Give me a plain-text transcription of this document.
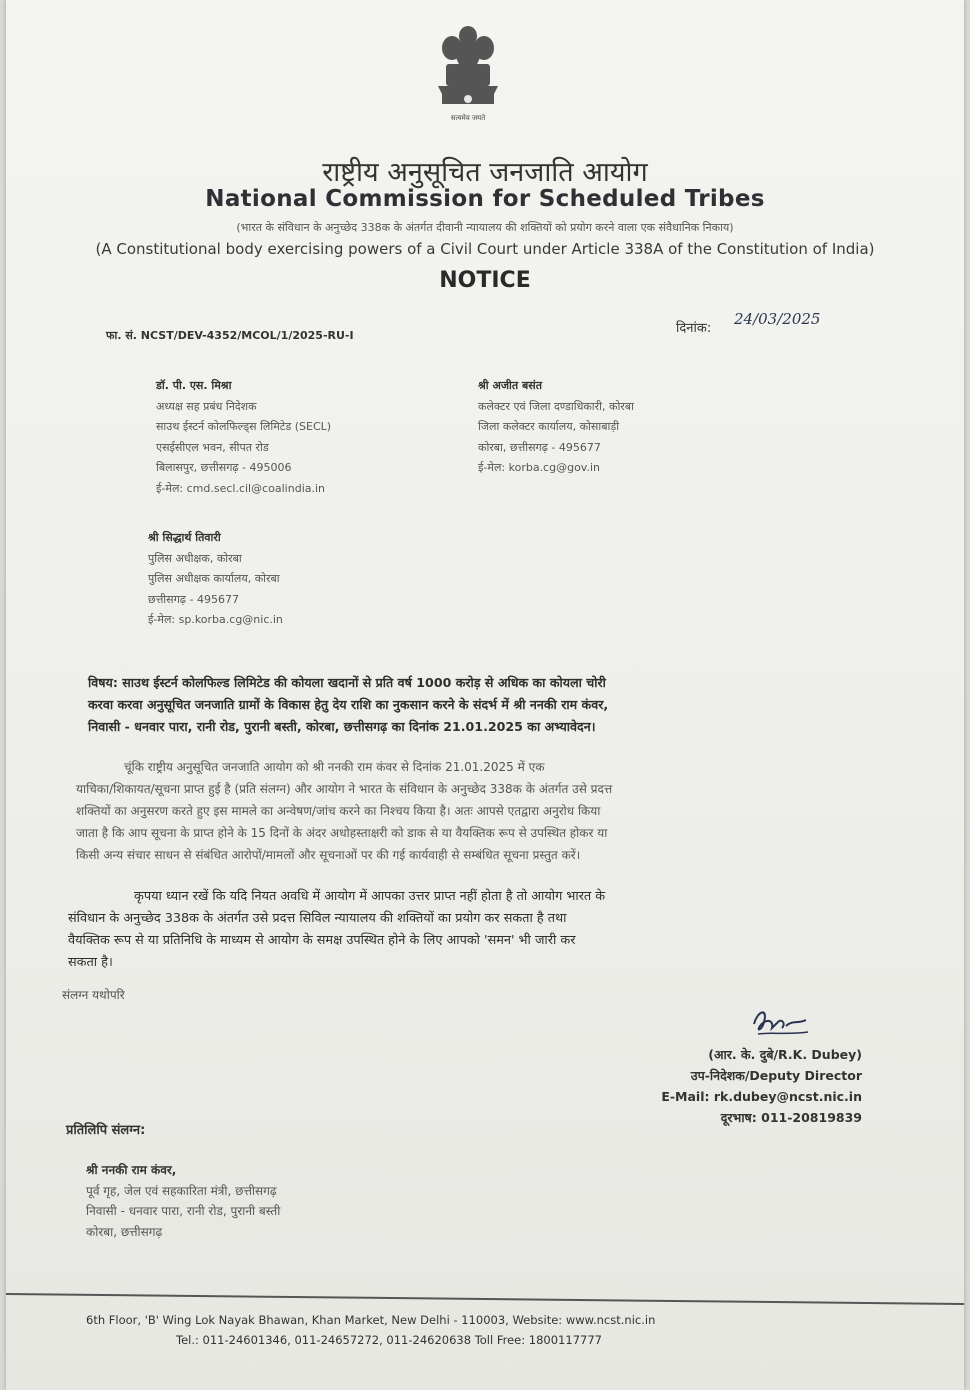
सत्यमेव जयते
राष्ट्रीय अनुसूचित जनजाति आयोग
National Commission for Scheduled Tribes
(भारत के संविधान के अनुच्छेद 338क के अंतर्गत दीवानी न्यायालय की शक्तियों को प्रयोग करने वाला एक संवैधानिक निकाय)
(A Constitutional body exercising powers of a Civil Court under Article 338A of the Constitution of India)
NOTICE
फा. सं. NCST/DEV-4352/MCOL/1/2025-RU-I	दिनांक:
24/03/2025
डॉ. पी. एस. मिश्रा
अध्यक्ष सह प्रबंध निदेशक
साउथ ईस्टर्न कोलफिल्ड्स लिमिटेड (SECL)
एसईसीएल भवन, सीपत रोड
बिलासपुर, छत्तीसगढ़ - 495006
ई-मेल: cmd.secl.cil@coalindia.in
श्री अजीत बसंत
कलेक्टर एवं जिला दण्डाधिकारी, कोरबा
जिला कलेक्टर कार्यालय, कोसाबाड़ी
कोरबा, छत्तीसगढ़ - 495677
ई-मेल: korba.cg@gov.in
श्री सिद्धार्थ तिवारी
पुलिस अधीक्षक, कोरबा
पुलिस अधीक्षक कार्यालय, कोरबा
छत्तीसगढ़ - 495677
ई-मेल: sp.korba.cg@nic.in
विषय: साउथ ईस्टर्न कोलफिल्ड लिमिटेड की कोयला खदानों से प्रति वर्ष 1000 करोड़ से अधिक का कोयला चोरी
करवा करवा अनुसूचित जनजाति ग्रामों के विकास हेतु देय राशि का नुकसान करने के संदर्भ में श्री ननकी राम कंवर,
निवासी - धनवार पारा, रानी रोड, पुरानी बस्ती, कोरबा, छत्तीसगढ़ का दिनांक 21.01.2025 का अभ्यावेदन।
चूंकि राष्ट्रीय अनुसूचित जनजाति आयोग को श्री ननकी राम कंवर से दिनांक 21.01.2025 में एक
याचिका/शिकायत/सूचना प्राप्त हुई है (प्रति संलग्न) और आयोग ने भारत के संविधान के अनुच्छेद 338क के अंतर्गत उसे प्रदत्त
शक्तियों का अनुसरण करते हुए इस मामले का अन्वेषण/जांच करने का निश्चय किया है। अतः आपसे एतद्वारा अनुरोध किया
जाता है कि आप सूचना के प्राप्त होने के 15 दिनों के अंदर अधोहस्ताक्षरी को डाक से या वैयक्तिक रूप से उपस्थित होकर या
किसी अन्य संचार साधन से संबंधित आरोपों/मामलों और सूचनाओं पर की गई कार्यवाही से सम्बंधित सूचना प्रस्तुत करें।
कृपया ध्यान रखें कि यदि नियत अवधि में आयोग में आपका उत्तर प्राप्त नहीं होता है तो आयोग भारत के
संविधान के अनुच्छेद 338क के अंतर्गत उसे प्रदत्त सिविल न्यायालय की शक्तियों का प्रयोग कर सकता है तथा
वैयक्तिक रूप से या प्रतिनिधि के माध्यम से आयोग के समक्ष उपस्थित होने के लिए आपको 'समन' भी जारी कर
सकता है।
संलग्न यथोपरि
(आर. के. दुबे/R.K. Dubey)
उप-निदेशक/Deputy Director
E-Mail: rk.dubey@ncst.nic.in
दूरभाष: 011-20819839
प्रतिलिपि संलग्न:
श्री ननकी राम कंवर,
पूर्व गृह, जेल एवं सहकारिता मंत्री, छत्तीसगढ़
निवासी - धनवार पारा, रानी रोड, पुरानी बस्ती
कोरबा, छत्तीसगढ़
6th Floor, 'B' Wing Lok Nayak Bhawan, Khan Market, New Delhi - 110003, Website: www.ncst.nic.in
Tel.: 011-24601346, 011-24657272, 011-24620638 Toll Free: 1800117777
